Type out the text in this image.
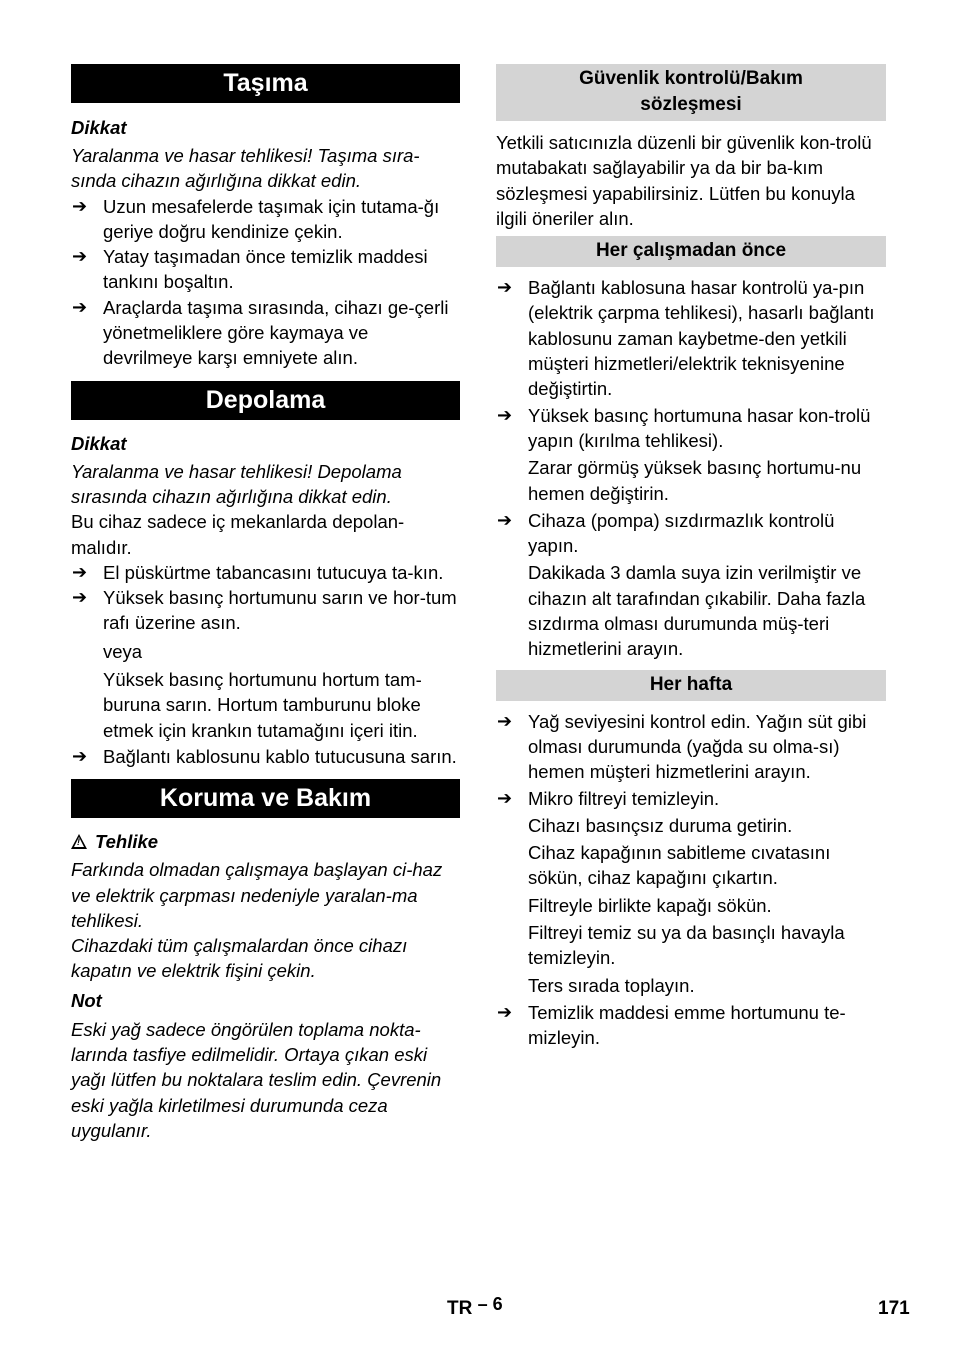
Taşıma

Dikkat

Yaralanma ve hasar tehlikesi! Taşıma sıra-sında cihazın ağırlığına dikkat edin.

➔ Uzun mesafelerde taşımak için tutama-ğı geriye doğru kendinize çekin.
➔ Yatay taşımadan önce temizlik maddesi tankını boşaltın.
➔ Araçlarda taşıma sırasında, cihazı ge-çerli yönetmeliklere göre kaymaya ve devrilmeye karşı emniyete alın.
Depolama

Dikkat

Yaralanma ve hasar tehlikesi! Depolama sırasında cihazın ağırlığına dikkat edin.

Bu cihaz sadece iç mekanlarda depolan-malıdır.

➔ El püskürtme tabancasını tutucuya ta-kın.
➔ Yüksek basınç hortumunu sarın ve hor-tum rafı üzerine asın.

veya

Yüksek basınç hortumunu hortum tam-buruna sarın. Hortum tamburunu bloke etmek için krankın tutamağını içeri itin.

➔ Bağlantı kablosunu kablo tutucusuna sarın.
Koruma ve Bakım

!Tehlike

Farkında olmadan çalışmaya başlayan ci-haz ve elektrik çarpması nedeniyle yaralan-ma tehlikesi.

Cihazdaki tüm çalışmalardan önce cihazı kapatın ve elektrik fişini çekin.

Not

Eski yağ sadece öngörülen toplama nokta-larında tasfiye edilmelidir. Ortaya çıkan eski yağı lütfen bu noktalara teslim edin. Çevrenin eski yağla kirletilmesi durumunda ceza uygulanır.

Güvenlik kontrolü/Bakım
sözleşmesi

Yetkili satıcınızla düzenli bir güvenlik kon-trolü mutabakatı sağlayabilir ya da bir ba-kım sözleşmesi yapabilirsiniz. Lütfen bu konuyla ilgili öneriler alın.

Her çalışmadan önce
➔ Bağlantı kablosuna hasar kontrolü ya-pın (elektrik çarpma tehlikesi), hasarlı bağlantı kablosunu zaman kaybetme-den yetkili müşteri hizmetleri/elektrik teknisyenine değiştirtin.
➔ Yüksek basınç hortumuna hasar kon-trolü yapın (kırılma tehlikesi).

Zarar görmüş yüksek basınç hortumu-nu hemen değiştirin.

➔ Cihaza (pompa) sızdırmazlık kontrolü yapın.

Dakikada 3 damla suya izin verilmiştir ve cihazın alt tarafından çıkabilir. Daha fazla sızdırma olması durumunda müş-teri hizmetlerini arayın.

Her hafta
➔ Yağ seviyesini kontrol edin. Yağın süt gibi olması durumunda (yağda su olma-sı) hemen müşteri hizmetlerini arayın.
➔ Mikro filtreyi temizleyin.

Cihazı basınçsız duruma getirin.

Cihaz kapağının sabitleme cıvatasını sökün, cihaz kapağını çıkartın.

Filtreyle birlikte kapağı sökün.

Filtreyi temiz su ya da basınçlı havayla temizleyin.

Ters sırada toplayın.

➔ Temizlik maddesi emme hortumunu te-mizleyin.
TR – 6	171
